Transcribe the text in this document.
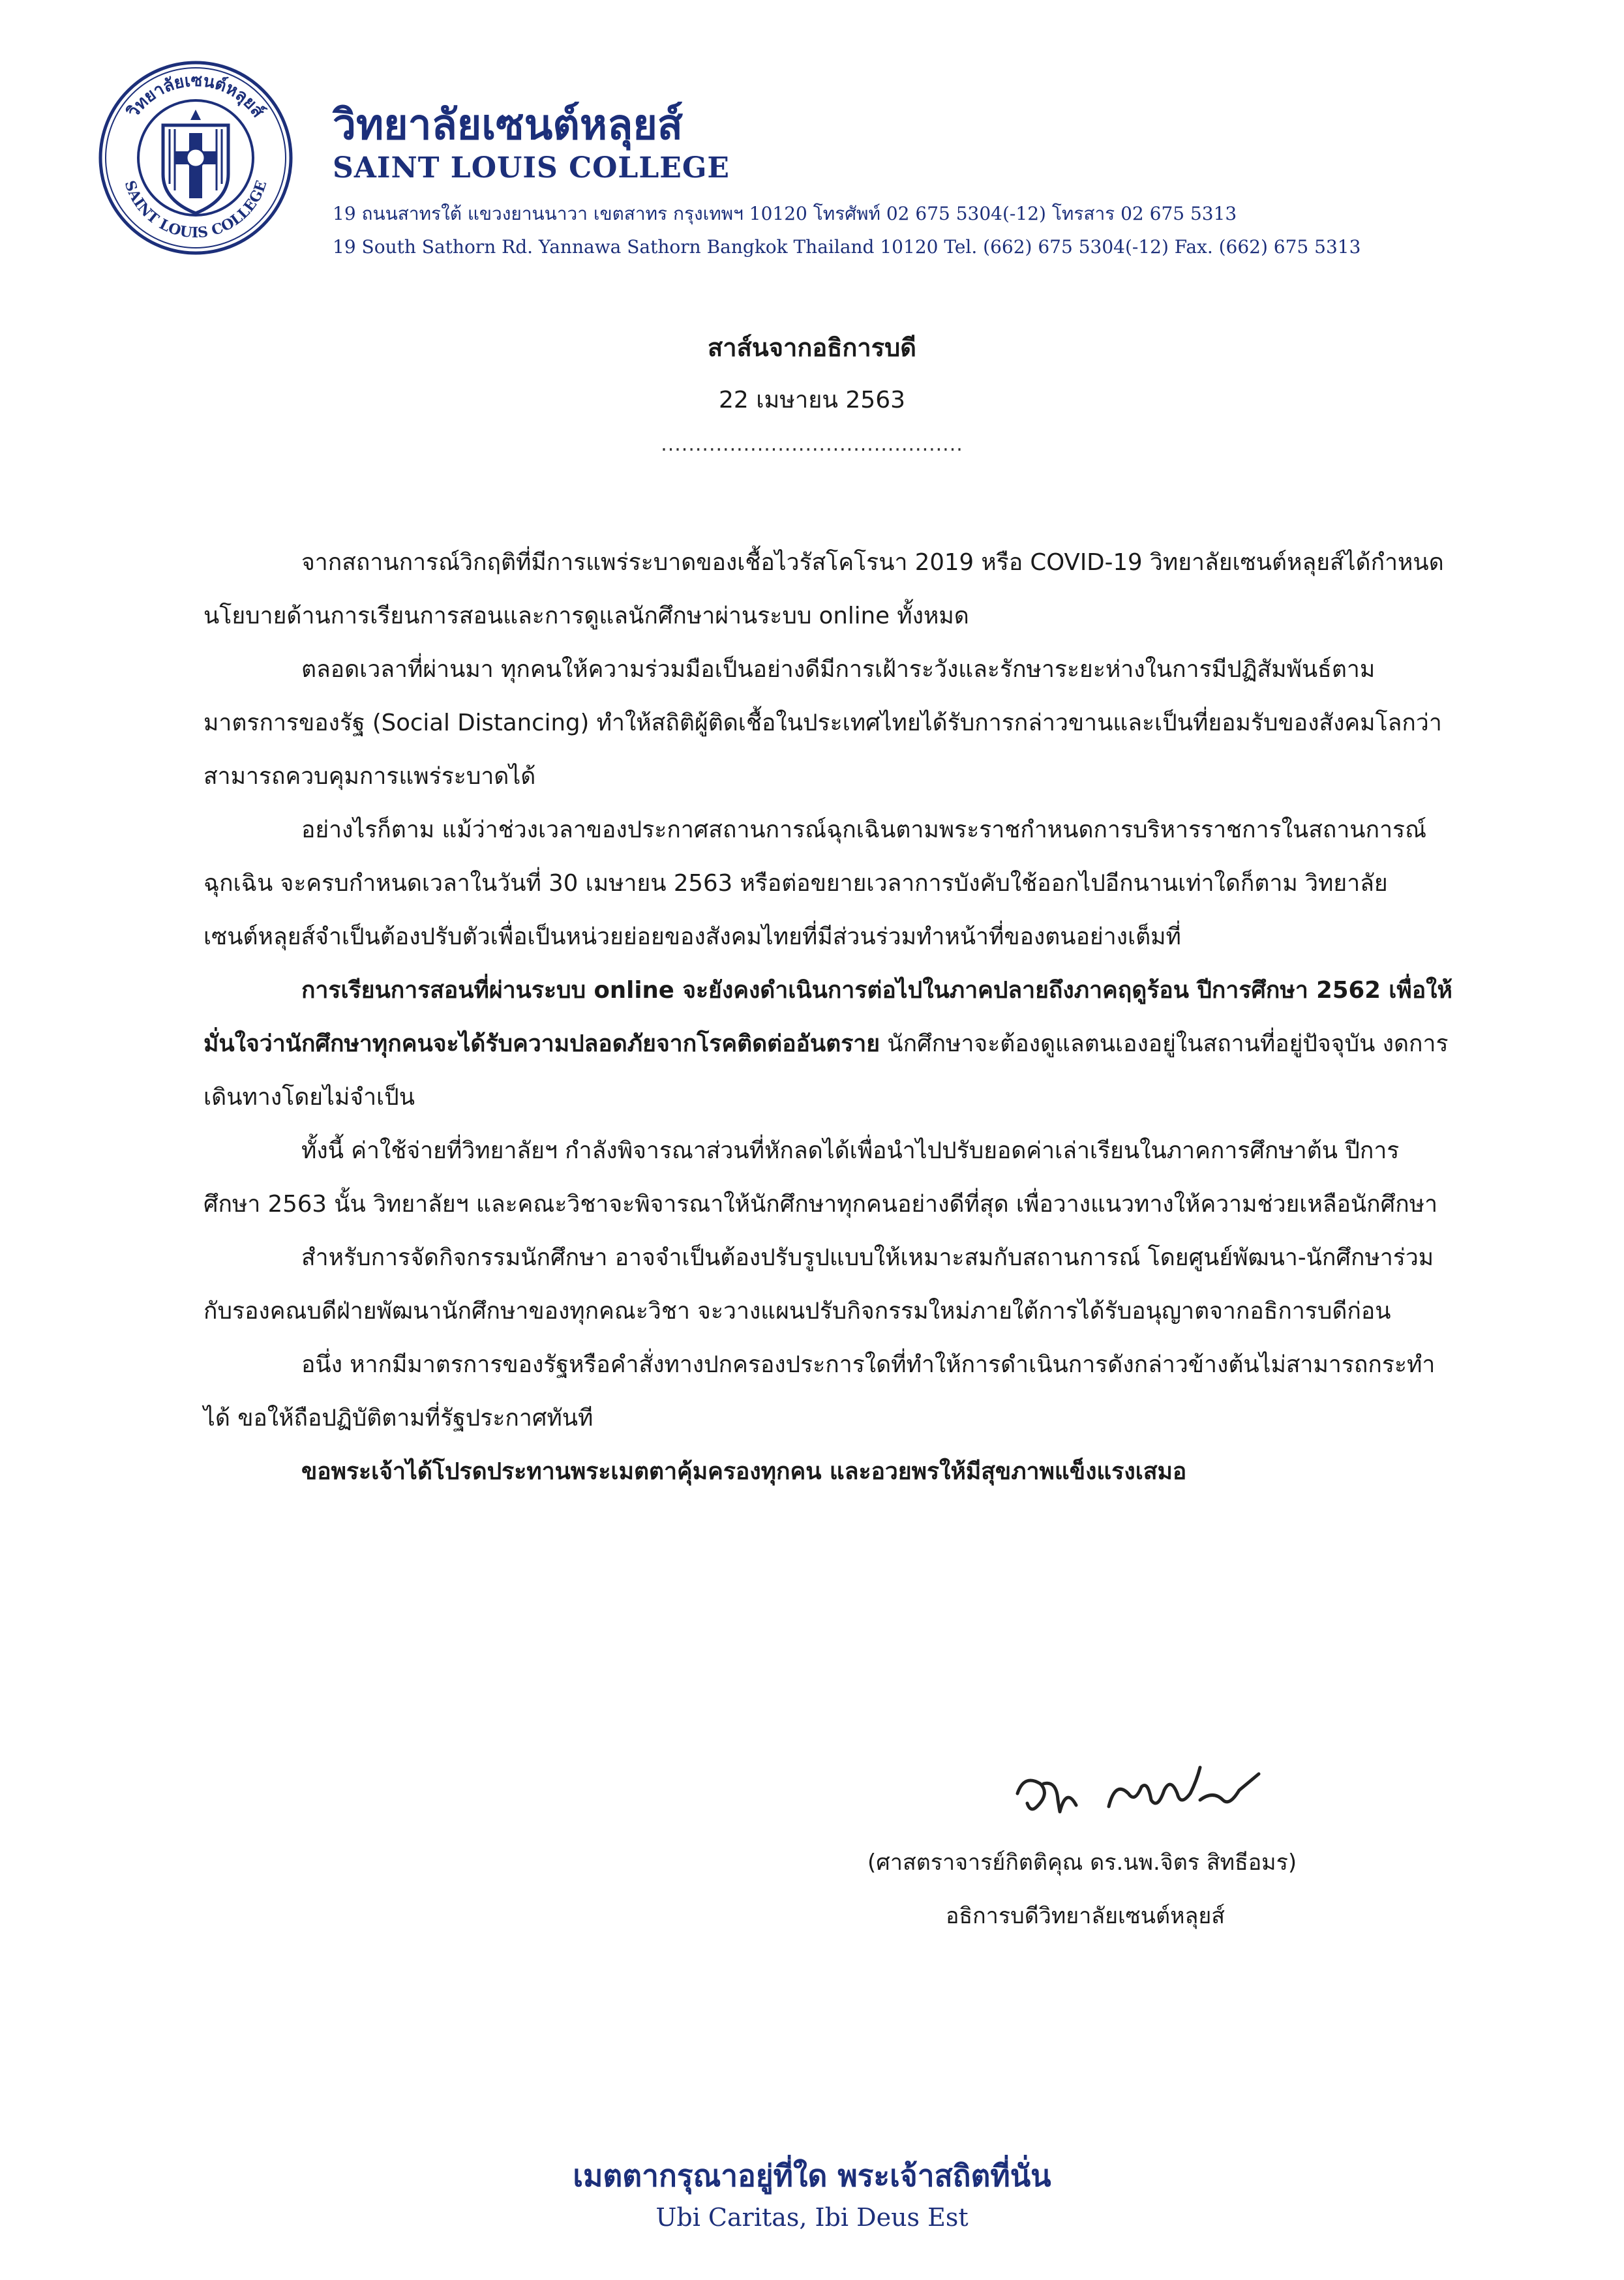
วิทยาลัยเซนต์หลุยส์
SAINT LOUIS COLLEGE
วิทยาลัยเซนต์หลุยส์
SAINT LOUIS COLLEGE
19 ถนนสาทรใต้ แขวงยานนาวา เขตสาทร กรุงเทพฯ 10120 โทรศัพท์ 02 675 5304(-12) โทรสาร 02 675 5313
19 South Sathorn Rd. Yannawa Sathorn Bangkok Thailand 10120 Tel. (662) 675 5304(-12) Fax. (662) 675 5313
สาส์นจากอธิการบดี
22 เมษายน 2563
............................................

จากสถานการณ์วิกฤติที่มีการแพร่ระบาดของเชื้อไวรัสโคโรนา 2019 หรือ COVID-19 วิทยาลัยเซนต์หลุยส์ได้กำหนดนโยบายด้านการเรียนการสอนและการดูแลนักศึกษาผ่านระบบ online ทั้งหมด

ตลอดเวลาที่ผ่านมา ทุกคนให้ความร่วมมือเป็นอย่างดีมีการเฝ้าระวังและรักษาระยะห่างในการมีปฏิสัมพันธ์ตามมาตรการของรัฐ (Social Distancing) ทำให้สถิติผู้ติดเชื้อในประเทศไทยได้รับการกล่าวขานและเป็นที่ยอมรับของสังคมโลกว่าสามารถควบคุมการแพร่ระบาดได้

อย่างไรก็ตาม แม้ว่าช่วงเวลาของประกาศสถานการณ์ฉุกเฉินตามพระราชกำหนดการบริหารราชการในสถานการณ์ฉุกเฉิน จะครบกำหนดเวลาในวันที่ 30 เมษายน 2563 หรือต่อขยายเวลาการบังคับใช้ออกไปอีกนานเท่าใดก็ตาม วิทยาลัยเซนต์หลุยส์จำเป็นต้องปรับตัวเพื่อเป็นหน่วยย่อยของสังคมไทยที่มีส่วนร่วมทำหน้าที่ของตนอย่างเต็มที่

การเรียนการสอนที่ผ่านระบบ online จะยังคงดำเนินการต่อไปในภาคปลายถึงภาคฤดูร้อน ปีการศึกษา 2562 เพื่อให้มั่นใจว่านักศึกษาทุกคนจะได้รับความปลอดภัยจากโรคติดต่ออันตราย นักศึกษาจะต้องดูแลตนเองอยู่ในสถานที่อยู่ปัจจุบัน งดการเดินทางโดยไม่จำเป็น

ทั้งนี้ ค่าใช้จ่ายที่วิทยาลัยฯ กำลังพิจารณาส่วนที่หักลดได้เพื่อนำไปปรับยอดค่าเล่าเรียนในภาคการศึกษาต้น ปีการศึกษา 2563 นั้น วิทยาลัยฯ และคณะวิชาจะพิจารณาให้นักศึกษาทุกคนอย่างดีที่สุด เพื่อวางแนวทางให้ความช่วยเหลือนักศึกษา

สำหรับการจัดกิจกรรมนักศึกษา อาจจำเป็นต้องปรับรูปแบบให้เหมาะสมกับสถานการณ์ โดยศูนย์พัฒนา-นักศึกษาร่วมกับรองคณบดีฝ่ายพัฒนานักศึกษาของทุกคณะวิชา จะวางแผนปรับกิจกรรมใหม่ภายใต้การได้รับอนุญาตจากอธิการบดีก่อน

อนึ่ง หากมีมาตรการของรัฐหรือคำสั่งทางปกครองประการใดที่ทำให้การดำเนินการดังกล่าวข้างต้นไม่สามารถกระทำได้ ขอให้ถือปฏิบัติตามที่รัฐประกาศทันที

ขอพระเจ้าได้โปรดประทานพระเมตตาคุ้มครองทุกคน และอวยพรให้มีสุขภาพแข็งแรงเสมอ

(ศาสตราจารย์กิตติคุณ ดร.นพ.จิตร สิทธีอมร)
อธิการบดีวิทยาลัยเซนต์หลุยส์
เมตตากรุณาอยู่ที่ใด พระเจ้าสถิตที่นั่น
Ubi Caritas, Ibi Deus Est
